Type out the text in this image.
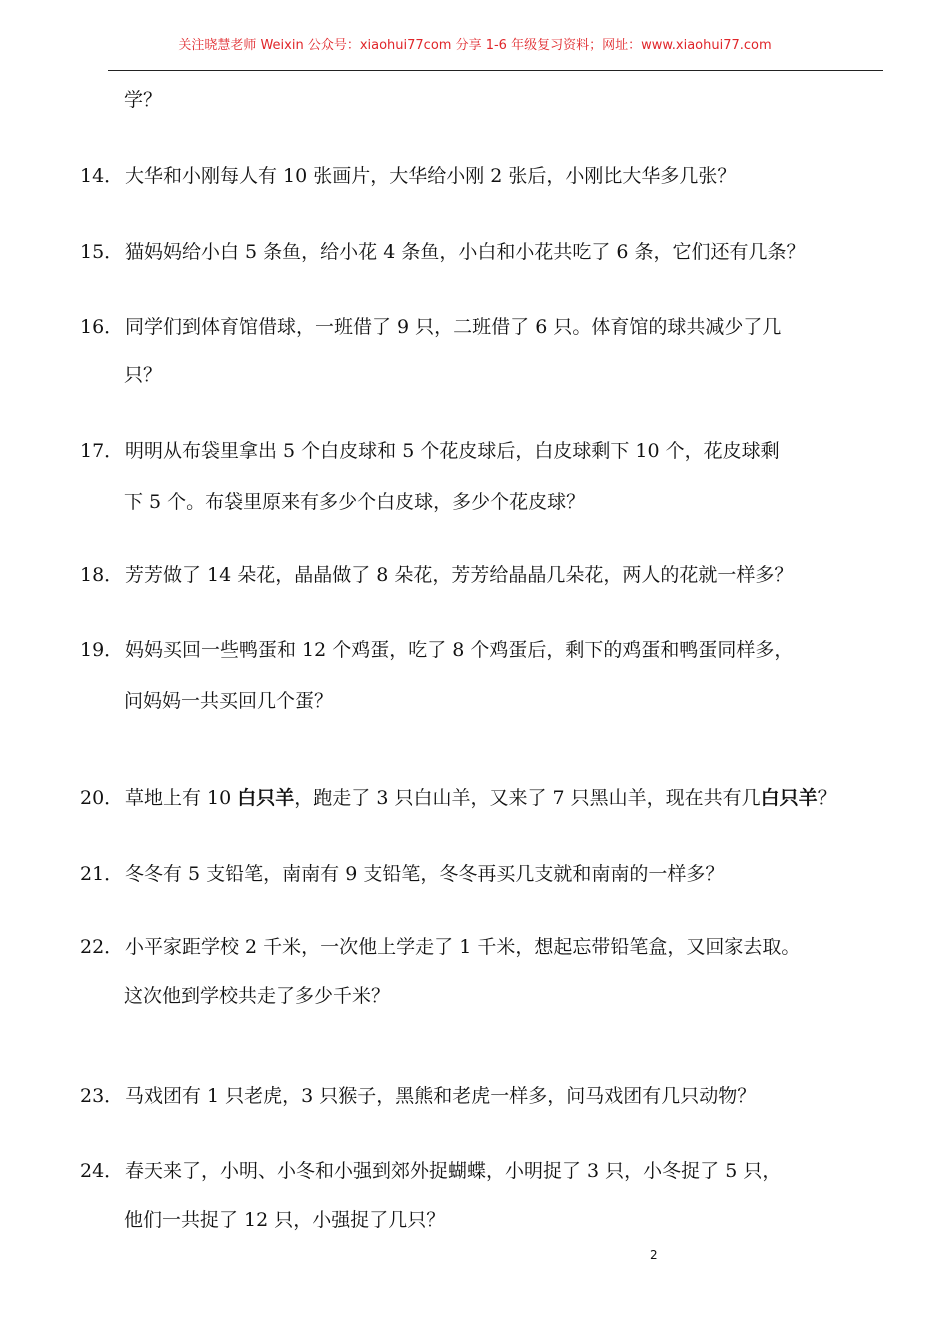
关注晓慧老师 Weixin 公众号：xiaohui77com 分享 1-6 年级复习资料；网址：www.xiaohui77.com
学？
14．大华和小刚每人有 10 张画片，大华给小刚 2 张后，小刚比大华多几张？
15．猫妈妈给小白 5 条鱼，给小花 4 条鱼，小白和小花共吃了 6 条，它们还有几条？
16．同学们到体育馆借球，一班借了 9 只，二班借了 6 只。体育馆的球共减少了几
只？
17．明明从布袋里拿出 5 个白皮球和 5 个花皮球后，白皮球剩下 10 个，花皮球剩
下 5 个。布袋里原来有多少个白皮球，多少个花皮球？
18．芳芳做了 14 朵花，晶晶做了 8 朵花，芳芳给晶晶几朵花，两人的花就一样多？
19．妈妈买回一些鸭蛋和 12 个鸡蛋，吃了 8 个鸡蛋后，剩下的鸡蛋和鸭蛋同样多，
问妈妈一共买回几个蛋？
20．草地上有 10 白只羊，跑走了 3 只白山羊，又来了 7 只黑山羊，现在共有几白只羊？
21．冬冬有 5 支铅笔，南南有 9 支铅笔，冬冬再买几支就和南南的一样多？
22．小平家距学校 2 千米，一次他上学走了 1 千米，想起忘带铅笔盒，又回家去取。
这次他到学校共走了多少千米？
23．马戏团有 1 只老虎，3 只猴子，黑熊和老虎一样多，问马戏团有几只动物？
24．春天来了，小明、小冬和小强到郊外捉蝴蝶，小明捉了 3 只，小冬捉了 5 只，
他们一共捉了 12 只，小强捉了几只？
2
